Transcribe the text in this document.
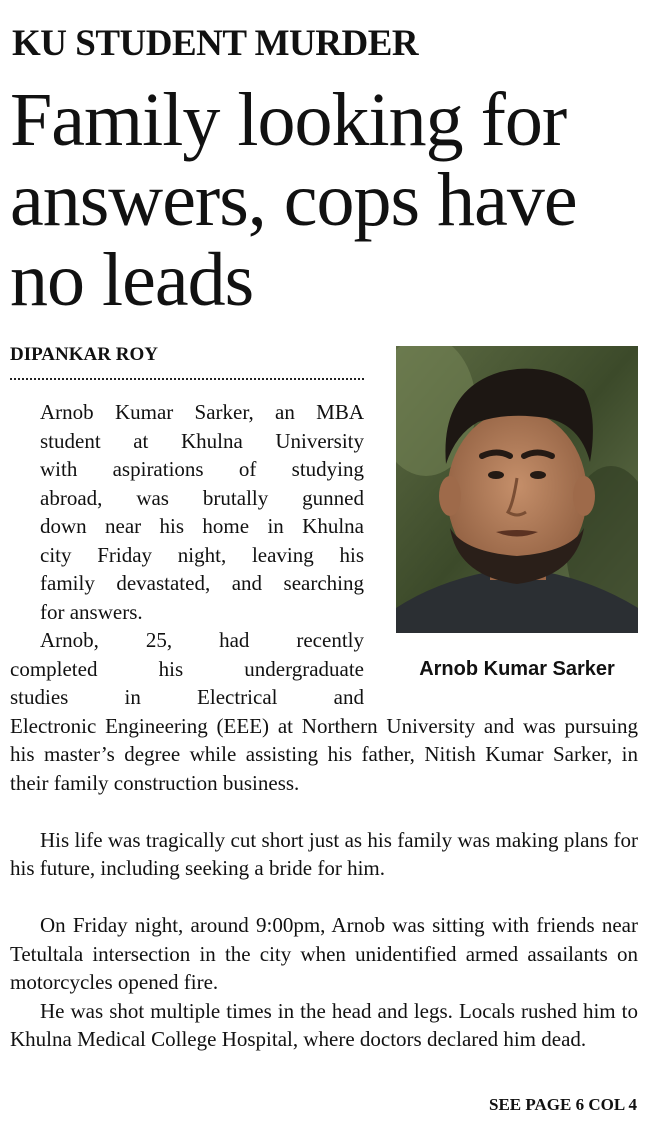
KU STUDENT MURDER
Family looking for answers, cops have no leads
DIPANKAR ROY
Arnob Kumar Sarker

Arnob Kumar Sarker, an MBA
student at Khulna University
with aspirations of studying
abroad, was brutally gunned
down near his home in Khulna
city Friday night, leaving his
family devastated, and searching
for answers.

Arnob, 25, had recently
completed his undergraduate
studies in Electrical and

Electronic Engineering (EEE) at Northern University and was pursuing his master’s degree while assisting his father, Nitish Kumar Sarker, in their family construction business.

His life was tragically cut short just as his family was making plans for his future, including seeking a bride for him.

On Friday night, around 9:00pm, Arnob was sitting with friends near Tetultala intersection in the city when unidentified armed assailants on motorcycles opened fire.

He was shot multiple times in the head and legs. Locals rushed him to Khulna Medical College Hospital, where doctors declared him dead.

SEE PAGE 6 COL 4
